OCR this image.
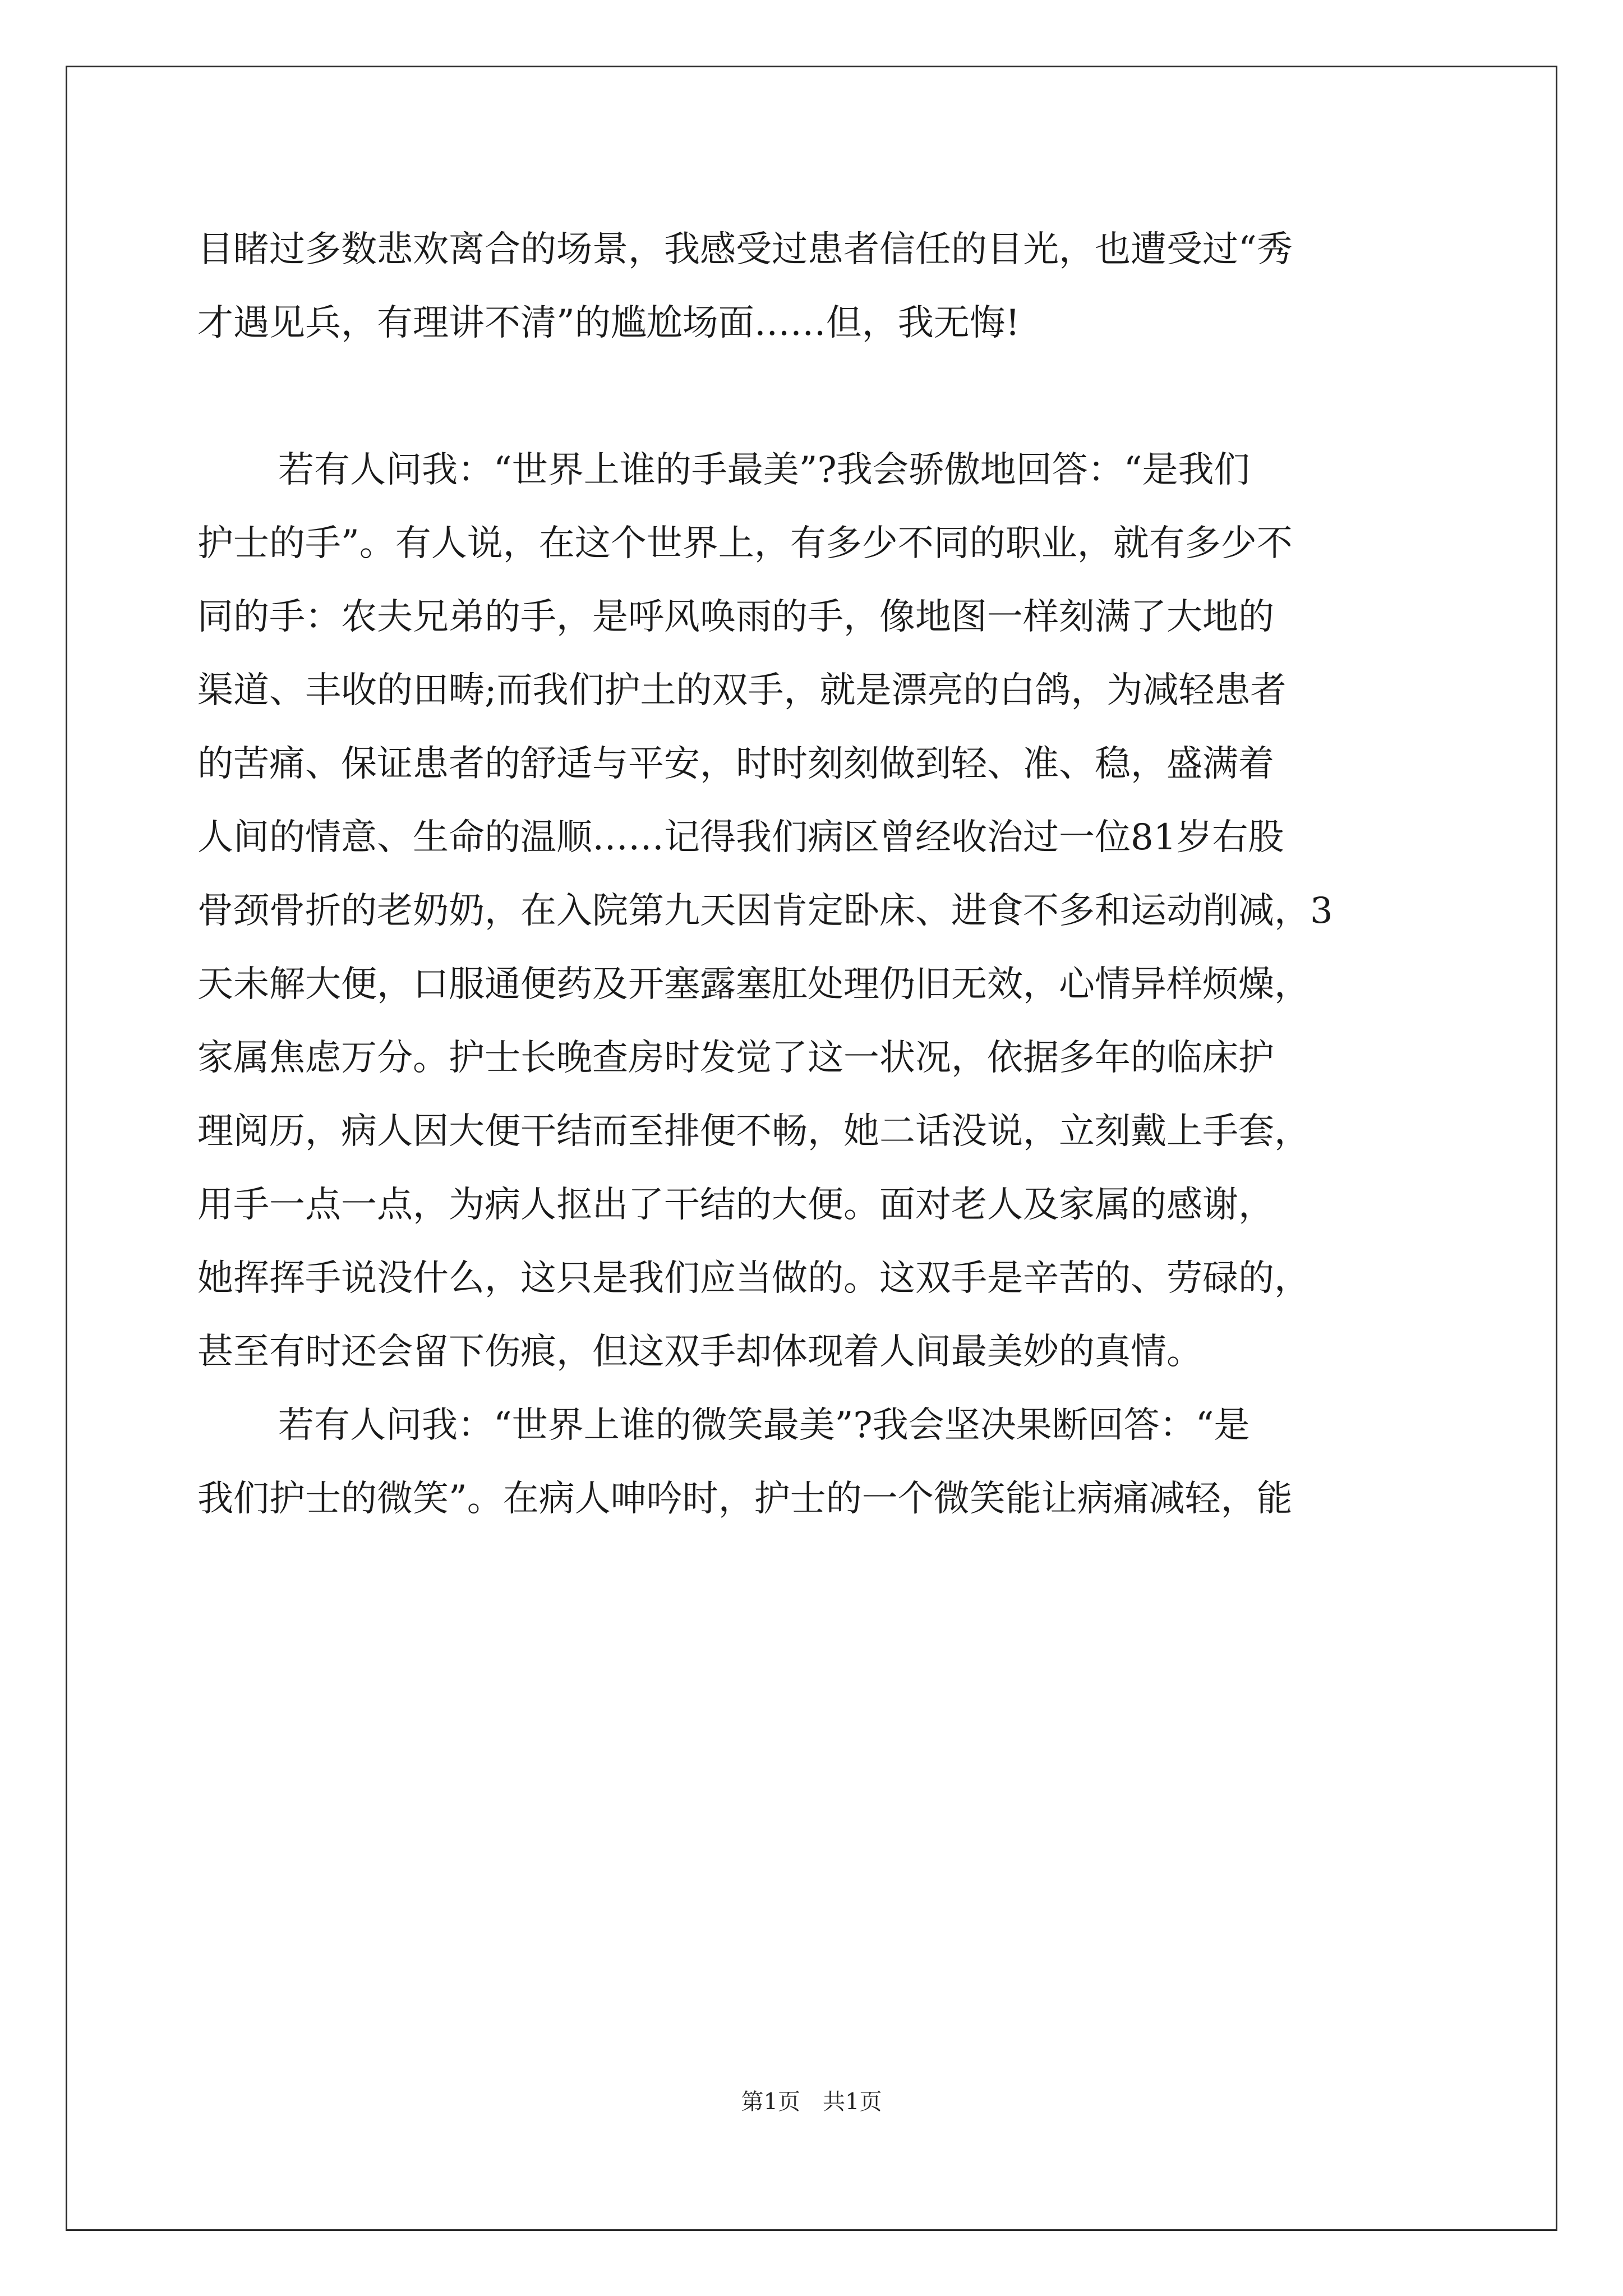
目睹过多数悲欢离合的场景，我感受过患者信任的目光，也遭受过“秀
才遇见兵，有理讲不清”的尴尬场面……但，我无悔!
若有人问我：“世界上谁的手最美”?我会骄傲地回答：“是我们
护士的手”。有人说，在这个世界上，有多少不同的职业，就有多少不
同的手：农夫兄弟的手，是呼风唤雨的手，像地图一样刻满了大地的
渠道、丰收的田畴;而我们护土的双手，就是漂亮的白鸽，为减轻患者
的苦痛、保证患者的舒适与平安，时时刻刻做到轻、准、稳，盛满着
人间的情意、生命的温顺……记得我们病区曾经收治过一位81岁右股
骨颈骨折的老奶奶，在入院第九天因肯定卧床、进食不多和运动削减，3
天未解大便，口服通便药及开塞露塞肛处理仍旧无效，心情异样烦燥，
家属焦虑万分。护士长晚查房时发觉了这一状况，依据多年的临床护
理阅历，病人因大便干结而至排便不畅，她二话没说，立刻戴上手套，
用手一点一点，为病人抠出了干结的大便。面对老人及家属的感谢，
她挥挥手说没什么，这只是我们应当做的。这双手是辛苦的、劳碌的，
甚至有时还会留下伤痕，但这双手却体现着人间最美妙的真情。
若有人问我：“世界上谁的微笑最美”?我会坚决果断回答：“是
我们护士的微笑”。在病人呻吟时，护士的一个微笑能让病痛减轻，能
第1页　共1页
